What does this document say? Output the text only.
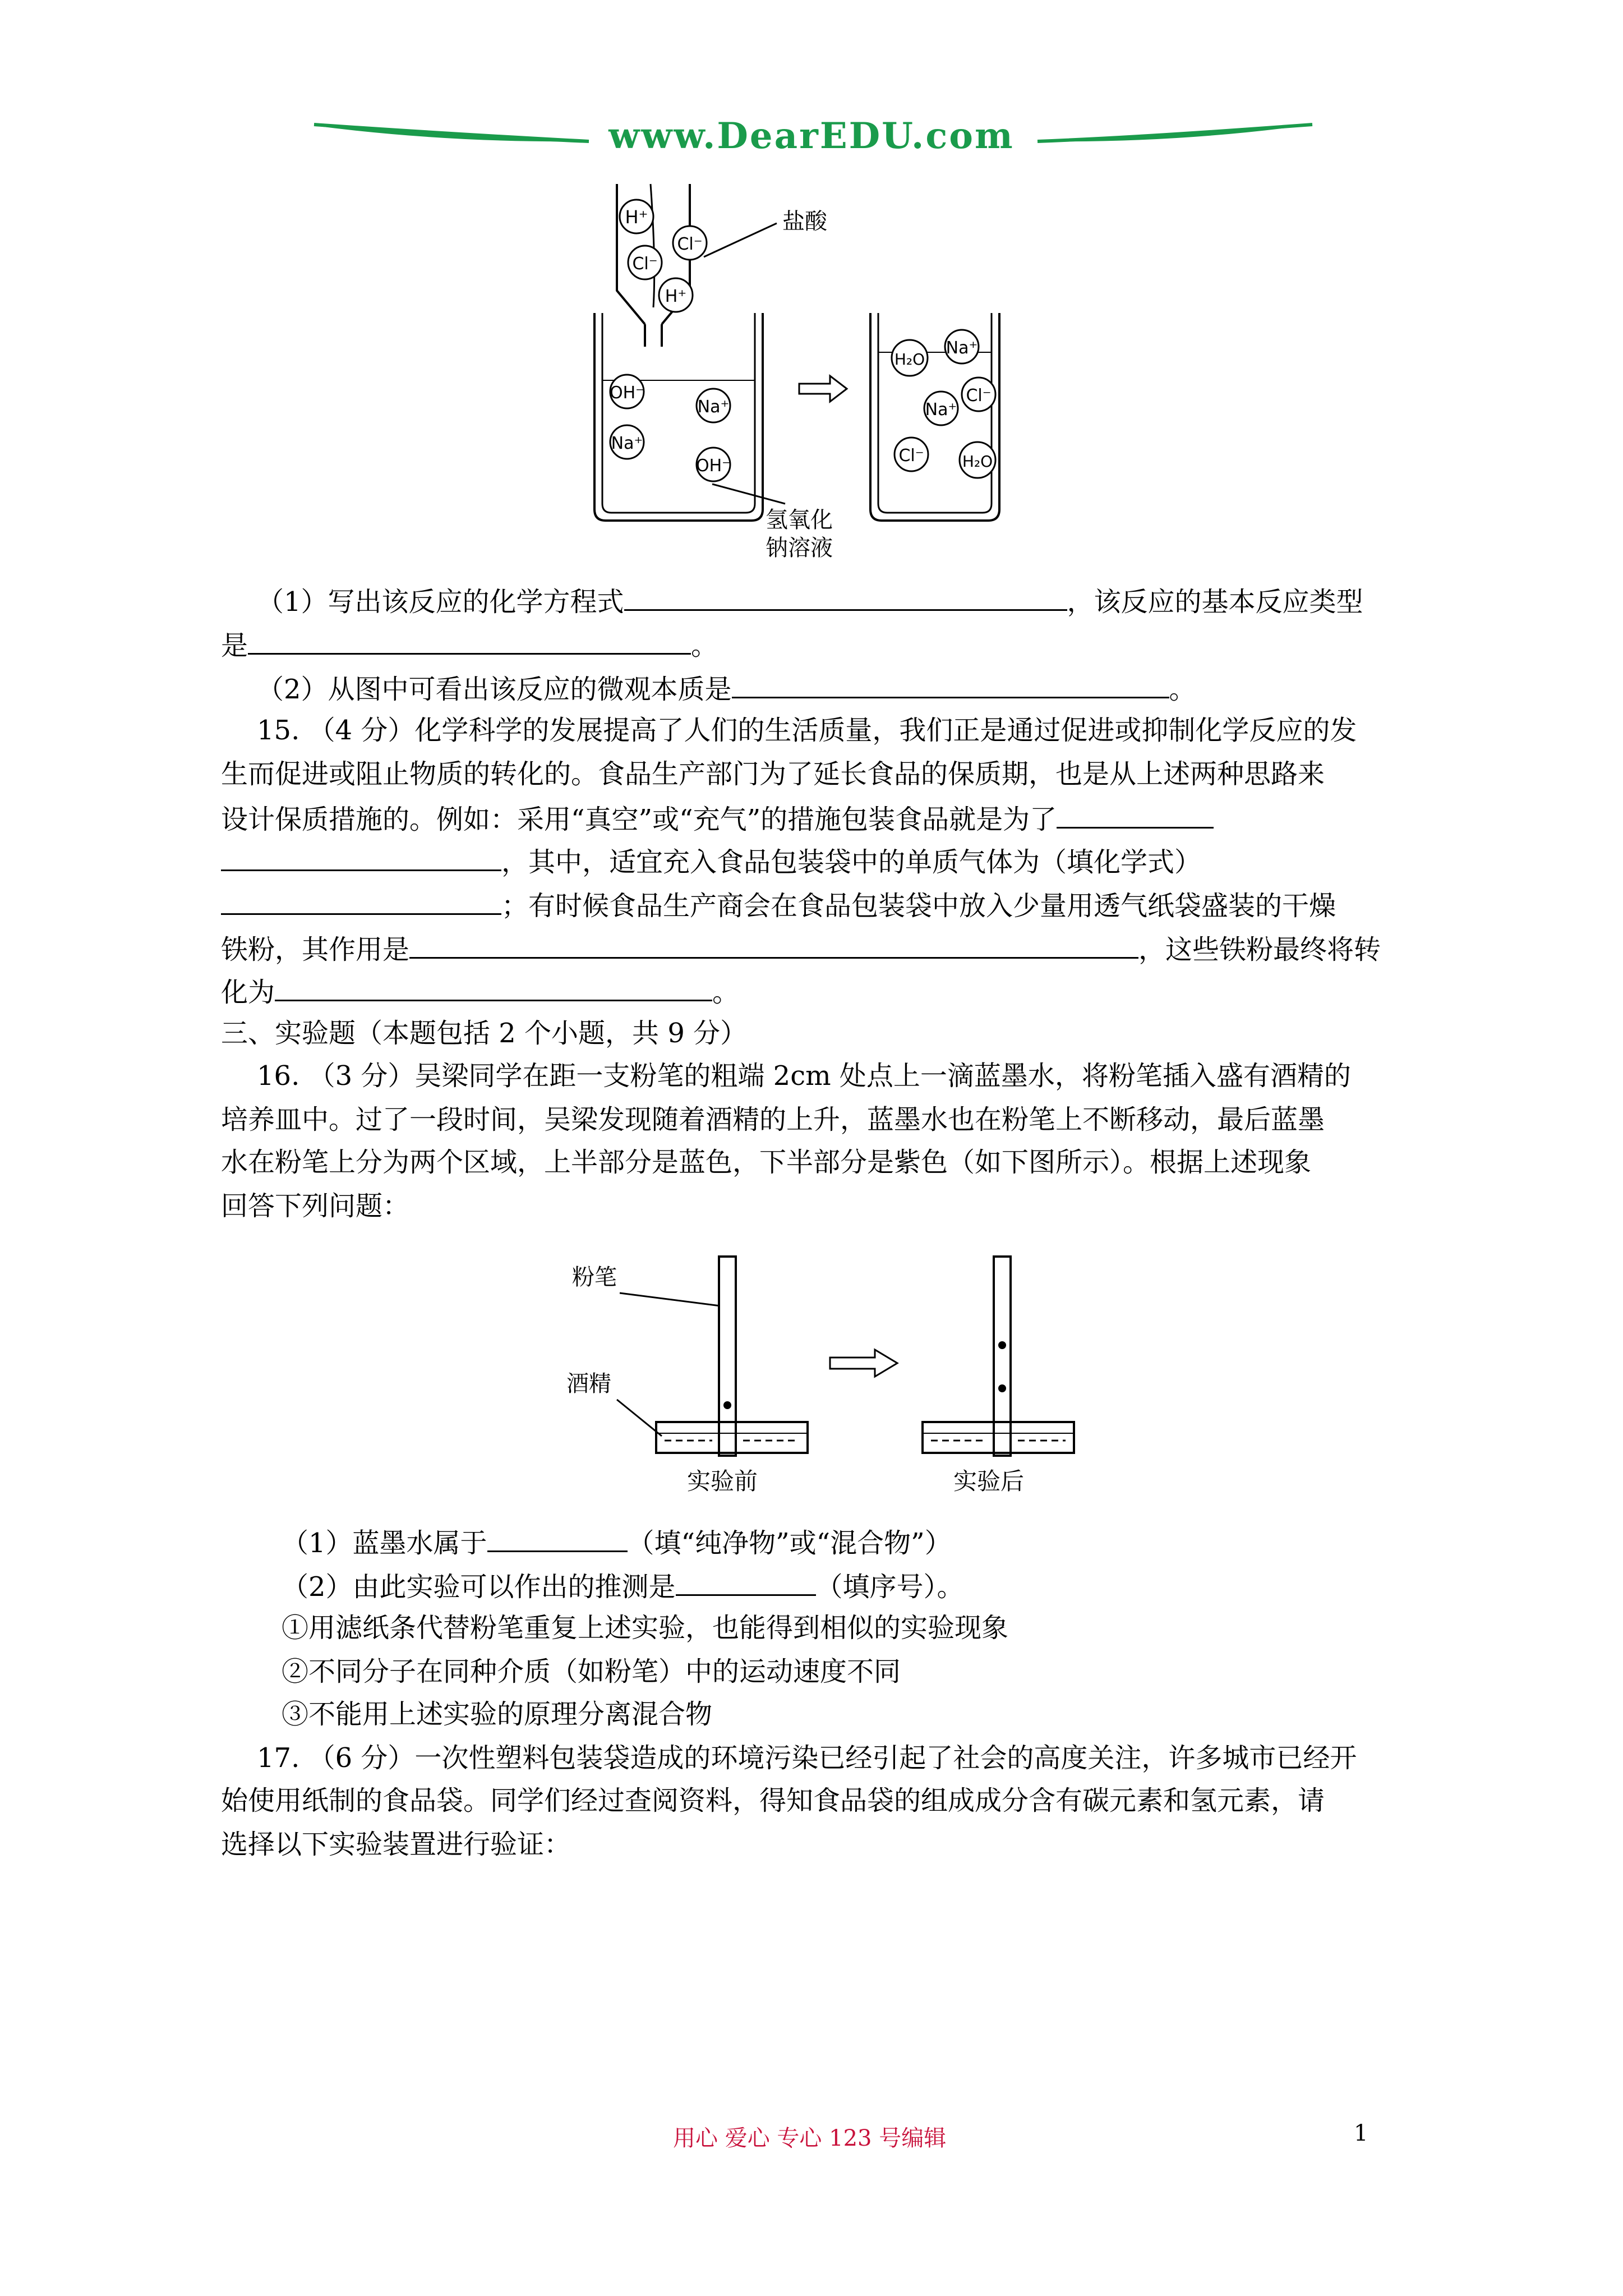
www.DearEDU.com
H⁺
Cl⁻
Cl⁻
H⁺
盐酸
OH⁻
Na⁺
Na⁺
OH⁻
氢氧化
钠溶液
H₂O
Na⁺
Na⁺
Cl⁻
Cl⁻ H₂O
（1）写出该反应的化学方程式	，该反应的基本反应类型
是	。
（2）从图中可看出该反应的微观本质是	。
15. （4 分）化学科学的发展提高了人们的生活质量，我们正是通过促进或抑制化学反应的发
生而促进或阻止物质的转化的。食品生产部门为了延长食品的保质期，也是从上述两种思路来
设计保质措施的。例如：采用“真空”或“充气”的措施包装食品就是为了
，其中，适宜充入食品包装袋中的单质气体为（填化学式）
；有时候食品生产商会在食品包装袋中放入少量用透气纸袋盛装的干燥
铁粉，其作用是	，这些铁粉最终将转
化为	。
三、实验题（本题包括 2 个小题，共 9 分）
16. （3 分）吴梁同学在距一支粉笔的粗端 2cm 处点上一滴蓝墨水，将粉笔插入盛有酒精的
培养皿中。过了一段时间，吴梁发现随着酒精的上升，蓝墨水也在粉笔上不断移动，最后蓝墨
水在粉笔上分为两个区域，上半部分是蓝色，下半部分是紫色（如下图所示）。根据上述现象
回答下列问题：
粉笔
酒精
实验前	实验后
（1）蓝墨水属于	（填“纯净物”或“混合物”）
（2）由此实验可以作出的推测是	（填序号）。
①用滤纸条代替粉笔重复上述实验，也能得到相似的实验现象
②不同分子在同种介质（如粉笔）中的运动速度不同
③不能用上述实验的原理分离混合物
17. （6 分）一次性塑料包装袋造成的环境污染已经引起了社会的高度关注，许多城市已经开
始使用纸制的食品袋。同学们经过查阅资料，得知食品袋的组成成分含有碳元素和氢元素，请
选择以下实验装置进行验证：
用心 爱心 专心 123 号编辑	1
